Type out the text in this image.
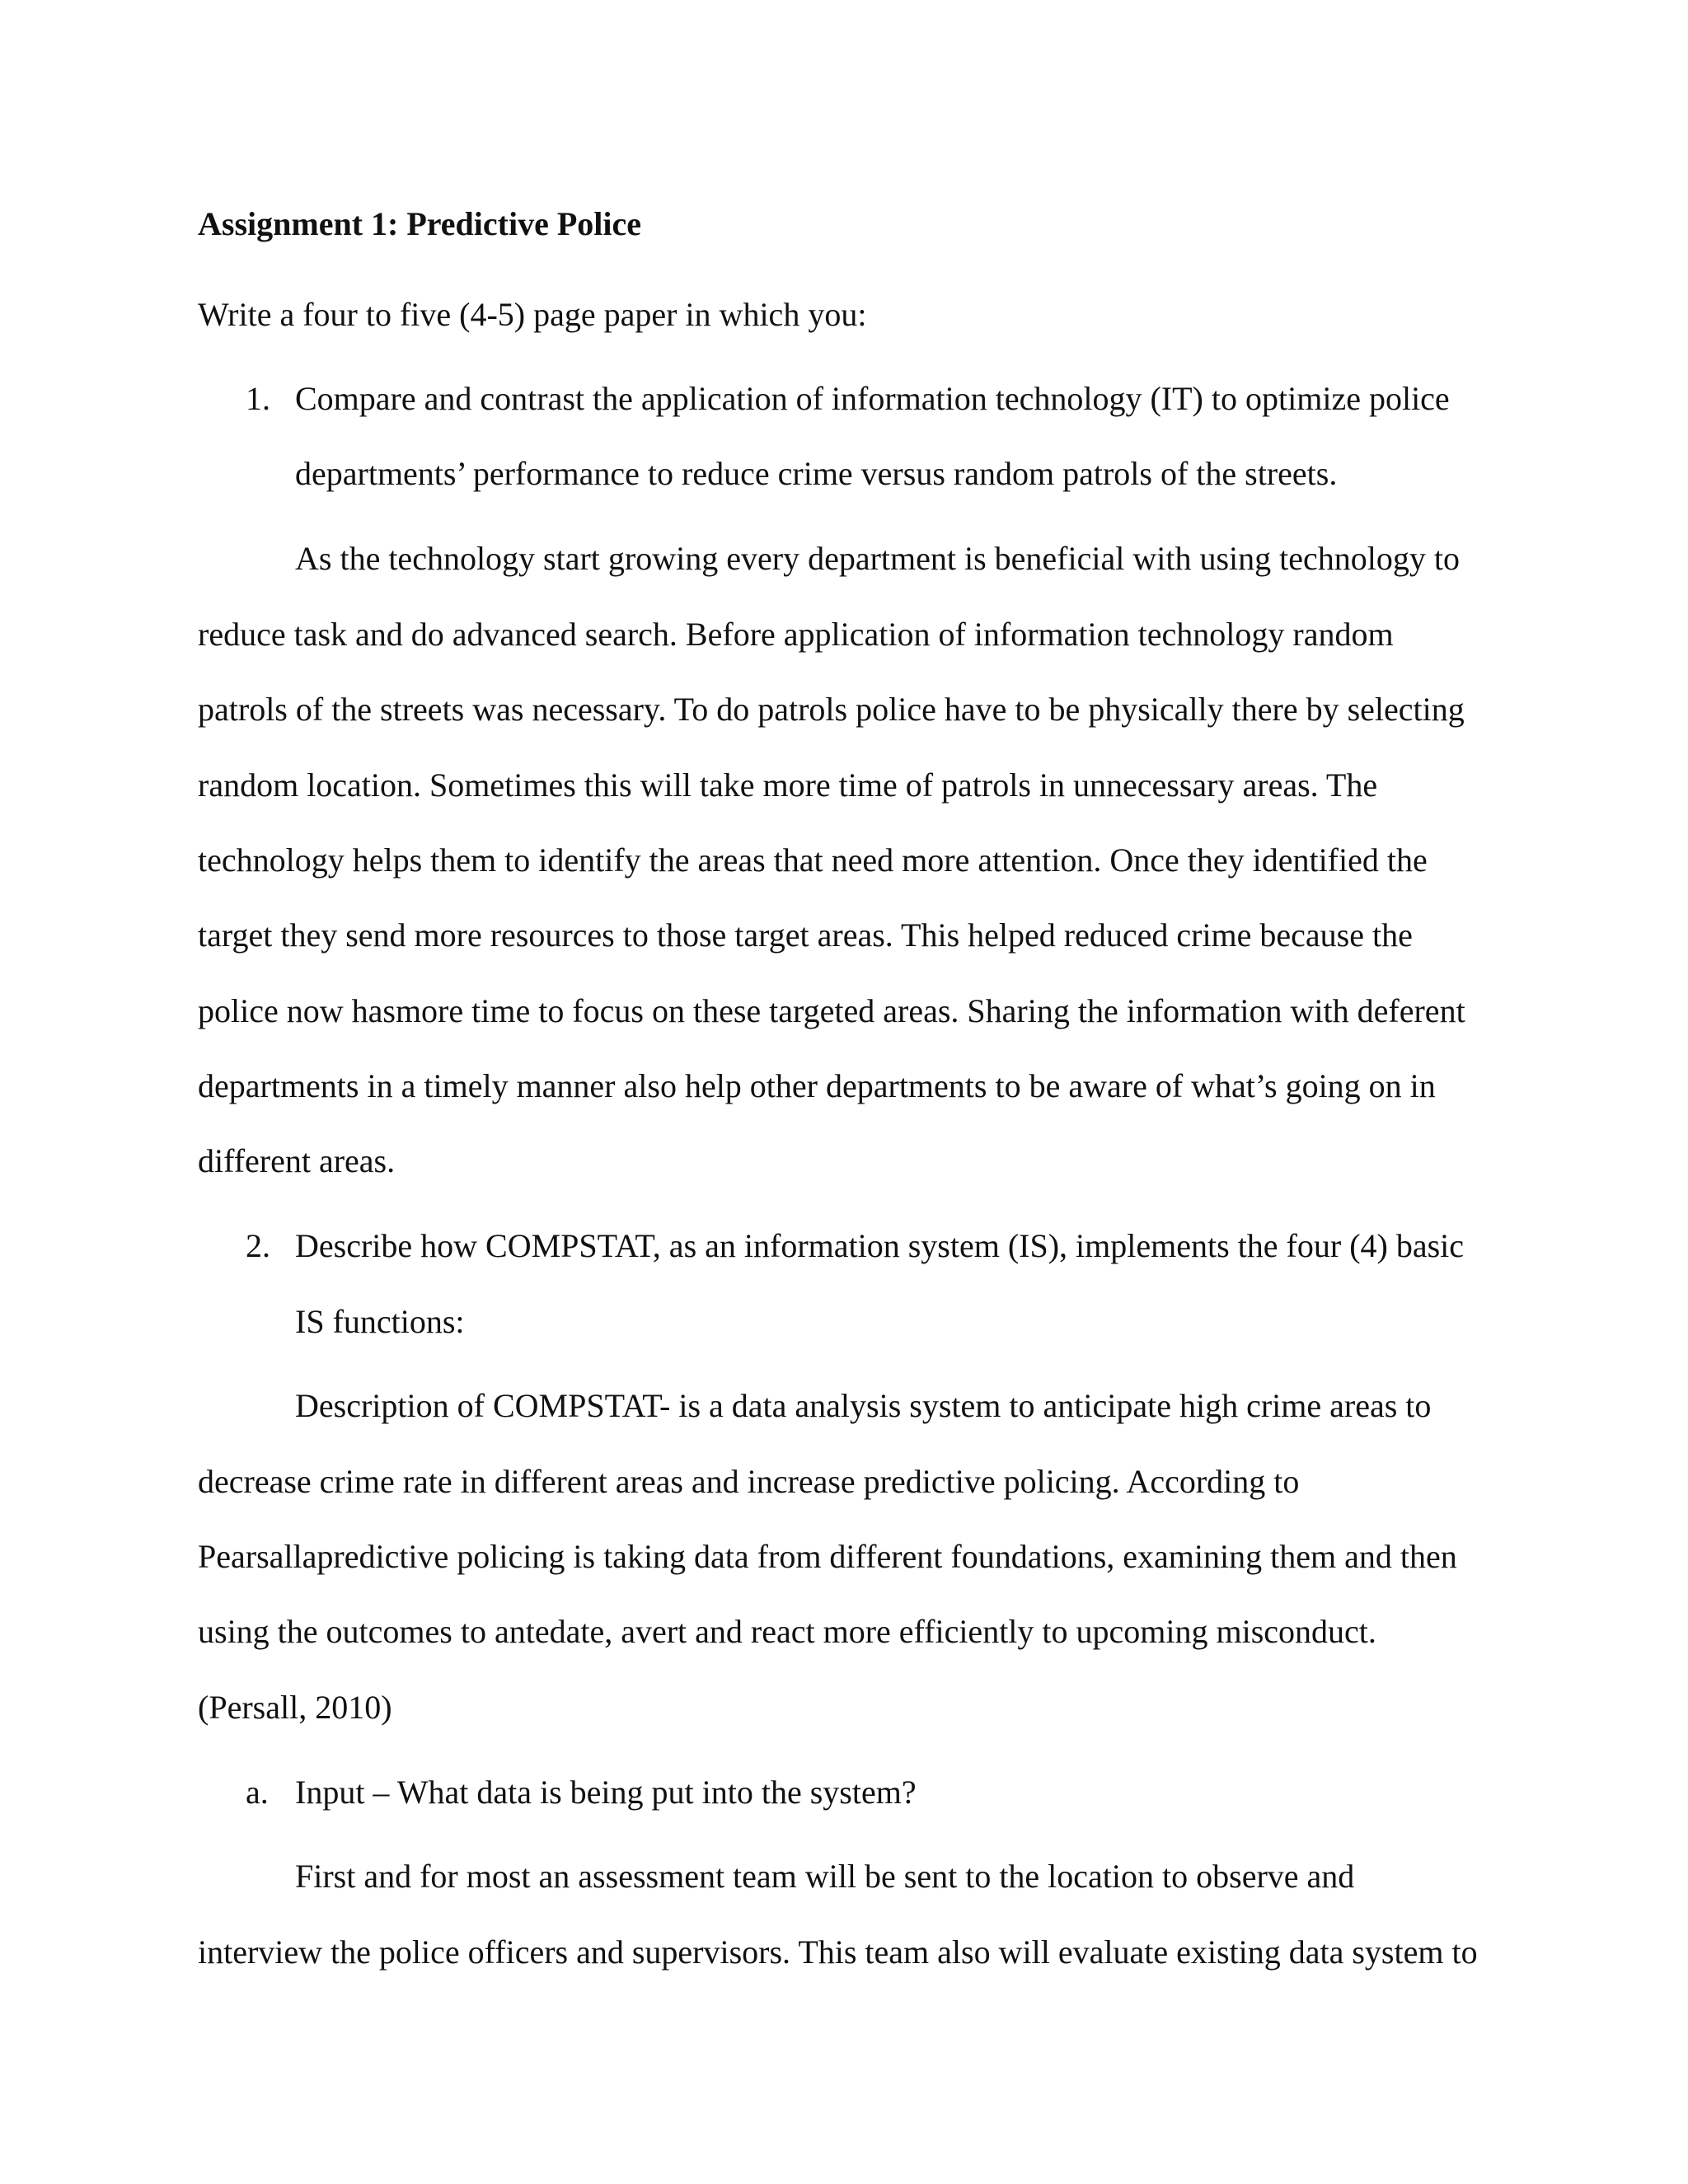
Assignment 1: Predictive Police
Write a four to five (4-5) page paper in which you:
1. Compare and contrast the application of information technology (IT) to optimize police
departments’ performance to reduce crime versus random patrols of the streets.
As the technology start growing every department is beneficial with using technology to
reduce task and do advanced search. Before application of information technology random
patrols of the streets was necessary. To do patrols police have to be physically there by selecting
random location. Sometimes this will take more time of patrols in unnecessary areas. The
technology helps them to identify the areas that need more attention. Once they identified the
target they send more resources to those target areas. This helped reduced crime because the
police now hasmore time to focus on these targeted areas. Sharing the information with deferent
departments in a timely manner also help other departments to be aware of what’s going on in
different areas.
2. Describe how COMPSTAT, as an information system (IS), implements the four (4) basic
IS functions:
Description of COMPSTAT- is a data analysis system to anticipate high crime areas to
decrease crime rate in different areas and increase predictive policing. According to
Pearsallapredictive policing is taking data from different foundations, examining them and then
using the outcomes to antedate, avert and react more efficiently to upcoming misconduct.
(Persall, 2010)
a. Input – What data is being put into the system?
First and for most an assessment team will be sent to the location to observe and
interview the police officers and supervisors. This team also will evaluate existing data system to
